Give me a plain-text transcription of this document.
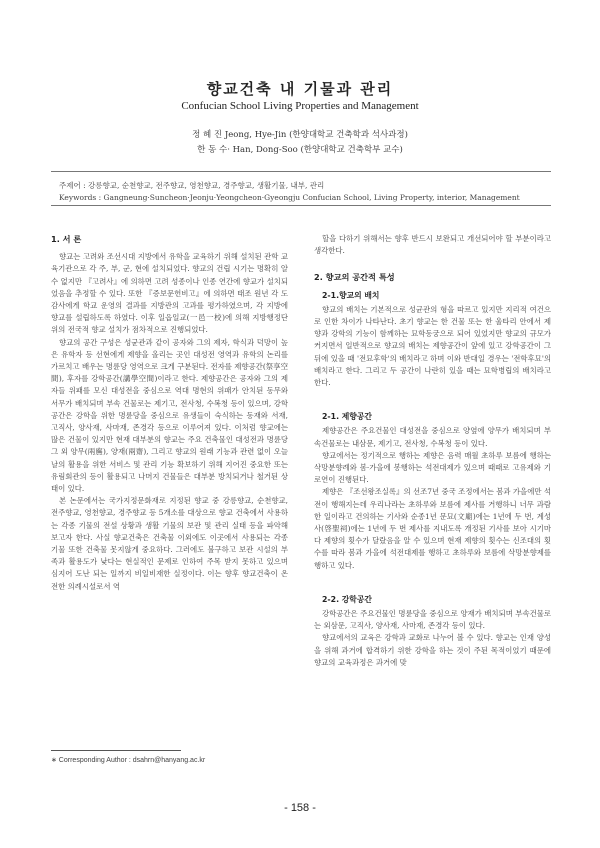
향교건축 내 기물과 관리
Confucian School Living Properties and Management
정 혜 진 Jeong, Hye-Jin (한양대학교 건축학과 석사과정)
한 동 수· Han, Dong-Soo (한양대학교 건축학부 교수)
주제어 : 강릉향교, 순천향교, 전주향교, 영천향교, 경주향교, 생활기물, 내부, 관리
Keywords : Gangneung·Suncheon·Jeonju·Yeongcheon·Gyeongju Confucian School, Living Property, interior, Management
1. 서 론

향교는 고려와 조선시대 지방에서 유학을 교육하기 위해 설치된 관학 교육기관으로 각 주, 부, 군, 현에 설치되었다. 향교의 건립 시기는 명확히 알 수 없지만 『고려사』에 의하면 고려 성종이나 인종 연간에 향교가 설치되었음을 추정할 수 있다. 또한 『증보문헌비고』에 의하면 태조 원년 각 도 감사에게 학교 운영의 결과를 지방관의 고과를 평가하였으며, 각 지방에 향교를 설립하도록 하였다. 이후 일읍일교(一邑一校)에 의해 지방행정단위의 전국적 향교 설치가 점차적으로 진행되었다.

향교의 공간 구성은 성균관과 같이 공자와 그의 제자, 학식과 덕망이 높은 유학자 등 선현에게 제향을 올리는 곳인 대성전 영역과 유학의 논리를 가르치고 배우는 명륜당 영역으로 크게 구분된다. 전자를 제향공간(祭享空間), 후자를 강학공간(講學空間)이라고 한다. 제향공간은 공자와 그의 제자들 위패를 모신 대성전을 중심으로 역대 명현의 위패가 안치된 동무와 서무가 배치되며 부속 건물로는 제기고, 전사청, 수복청 등이 있으며, 강학공간은 강학을 위한 명륜당을 중심으로 유생들이 숙식하는 동재와 서재, 고직사, 양사재, 사마재, 존경각 등으로 이루어져 있다. 이처럼 향교에는 많은 건물이 있지만 현재 대부분의 향교는 주요 건축물인 대성전과 명륜당 그 외 양무(兩廡), 양재(兩齋), 그리고 향교의 원래 기능과 관련 없이 오늘날의 활용을 위한 서비스 및 관리 기능 확보하기 위해 지어진 중요한 또는 유림회관의 등이 활용되고 나머지 건물들은 대부분 방치되거나 철거된 상태이 있다.

본 논문에서는 국가지정문화재로 지정된 향교 중 강릉향교, 순천향교, 전주향교, 영천향교, 경주향교 등 5개소를 대상으로 향교 건축에서 사용하는 각종 기물의 전설 상황과 생활 기물의 보관 및 관리 실태 등을 파악해 보고자 한다. 사실 향교건축은 건축물 이외에도 이곳에서 사용되는 각종 기물 또한 건축물 못지않게 중요하다. 그러에도 불구하고 보관 시설의 부족과 활용도가 낮다는 현실적인 문제로 인하여 주목 받지 못하고 있으며 심지어 도난 되는 일까지 비일비재한 실정이다. 이는 향후 향교건축이 온전한 의례시설로서 역

할을 다하기 위해서는 향후 반드시 보완되고 개선되어야 할 부분이라고 생각한다.

2. 향교의 공간적 특성
2-1.향교의 배치

향교의 배치는 기본적으로 성균관의 형을 따르고 있지만 지리적 여건으로 인한 차이가 나타난다. 초기 향교는 한 건물 또는 한 울타리 안에서 제향과 강학의 기능이 함께하는 묘학동궁으로 되어 있었지만 향교의 규모가 커지면서 일반적으로 향교의 배치는 제향공간이 앞에 있고 강학공간이 그 뒤에 있을 때 '전묘후학'의 배치라고 하며 이와 반대일 경우는 '전학후묘'의 배치라고 한다. 그리고 두 공간이 나란히 있을 때는 묘학병립의 배치라고 한다.

2-1. 제향공간

제향공간은 주요건물인 대성전을 중심으로 양옆에 양무가 배치되며 부속건물로는 내삼문, 제기고, 전사청, 수복청 등이 있다.

향교에서는 정기적으로 행하는 제향은 음력 매월 초하루 보름에 행하는 삭망분향례와 봄·가을에 봉행하는 석전대제가 있으며 때때로 고유제와 기로연이 진행된다.

제향은 『조선왕조실록』의 선조7년 중국 조정에서는 봄과 가을에만 석전이 행해지는데 우리나라는 초하루와 보름에 제사를 거행하니 너무 과람한 일이라고 건의하는 기사와 순종1년 문묘(文廟)에는 1년에 두 번, 계성사(啓聖祠)에는 1년에 두 번 제사를 지내도록 개정된 기사를 보아 시기마다 제향의 횟수가 달랐음을 알 수 있으며 현재 제향의 횟수는 신조대의 횟수를 따라 봄과 가을에 석전대제를 행하고 초하루와 보름에 삭망분향제를 행하고 있다.

2-2. 강학공간

강학공간은 주요건물인 명륜당을 중심으로 양재가 배치되며 부속건물로는 외삼문, 고직사, 양사재, 사마재, 존경각 등이 있다.

향교에서의 교육은 강학과 교화로 나누어 볼 수 있다. 향교는 인재 양성을 위해 과거에 합격하기 위한 강학을 하는 것이 주된 목적이었기 때문에 향교의 교육과정은 과거에 맞

∗ Corresponding Author : dsahrn@hanyang.ac.kr
- 158 -
